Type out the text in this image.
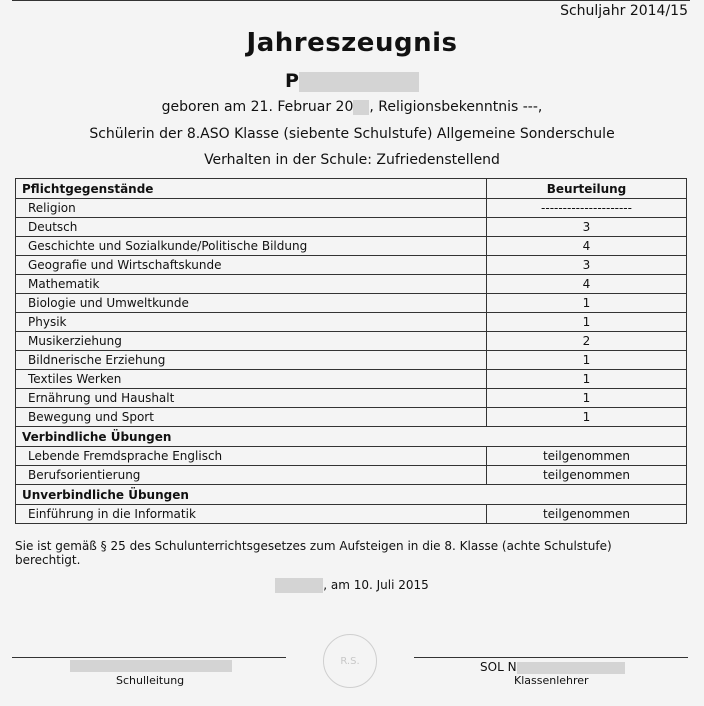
Schuljahr 2014/15
Jahreszeugnis
P
geboren am 21. Februar 20 , Religionsbekenntnis ---,
Schülerin der 8.ASO Klasse (siebente Schulstufe) Allgemeine Sonderschule
Verhalten in der Schule: Zufriedenstellend
Pflichtgegenstände	Beurteilung
Religion	---------------------
Deutsch	3
Geschichte und Sozialkunde/Politische Bildung	4
Geografie und Wirtschaftskunde	3
Mathematik	4
Biologie und Umweltkunde	1
Physik	1
Musikerziehung	2
Bildnerische Erziehung	1
Textiles Werken	1
Ernährung und Haushalt	1
Bewegung und Sport	1
Verbindliche Übungen	
Lebende Fremdsprache Englisch	teilgenommen
Berufsorientierung	teilgenommen
Unverbindliche Übungen	
Einführung in die Informatik	teilgenommen
Sie ist gemäß § 25 des Schulunterrichtsgesetzes zum Aufsteigen in die 8. Klasse (achte Schulstufe) berechtigt.
, am 10. Juli 2015
Schulleitung
R.S.	SOL N
Klassenlehrer
